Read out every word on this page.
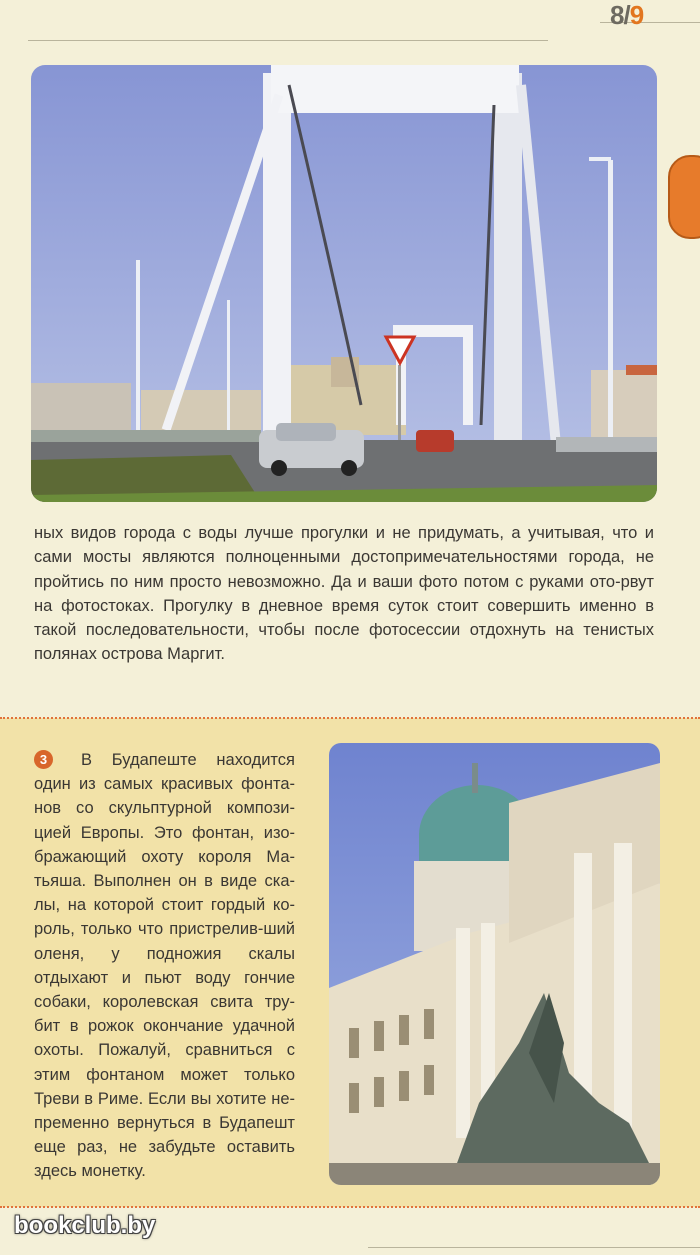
8/9
ных видов города с воды лучше прогулки и не придумать, а учитывая, что и сами мосты являются полноценными достопримечательностями города, не пройтись по ним просто невозможно. Да и ваши фото потом с руками ото-рвут на фотостоках. Прогулку в дневное время суток стоит совершить именно в такой последовательности, чтобы после фотосессии отдохнуть на тенистых полянах острова Маргит.
3 В Будапеште находится один из самых красивых фонта-нов со скульптурной компози-цией Европы. Это фонтан, изо-бражающий охоту короля Ма-тьяша. Выполнен он в виде ска-лы, на которой стоит гордый ко-роль, только что пристрелив-ший оленя, у подножия скалы отдыхают и пьют воду гончие собаки, королевская свита тру-бит в рожок окончание удачной охоты. Пожалуй, сравниться с этим фонтаном может только Треви в Риме. Если вы хотите не-пременно вернуться в Будапешт еще раз, не забудьте оставить здесь монетку.
bookclub.by
